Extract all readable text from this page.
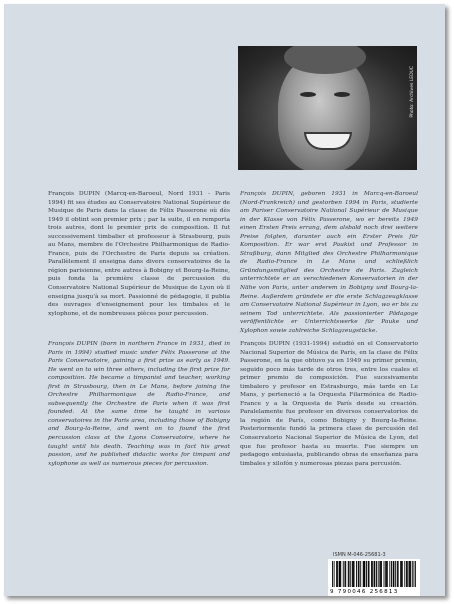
Photo: Archives LEDUC

François DUPIN (Marcq-en-Baroeul, Nord 1931 - Paris 1994) fit ses études au Conservatoire National Supérieur de Musique de Paris dans la classe de Félix Passerone où dès 1949 il obtint son premier prix ; par la suite, il en remporta trois autres, dont le premier prix de composition. Il fut successivement timbalier et professeur à Strasbourg, puis au Mans, membre de l'Orchestre Philharmonique de Radio-France, puis de l'Orchestre de Paris depuis sa création. Parallèlement il enseigna dans divers conservatoires de la région parisienne, entre autres à Bobigny et Bourg-la-Reine, puis fonda la première classe de percussion du Conservatoire National Supérieur de Musique de Lyon où il enseigna jusqu'à sa mort. Passionné de pédagogie, il publia des ouvrages d'enseignement pour les timbales et le xylophone, et de nombreuses pièces pour percussion.

François DUPIN, geboren 1931 in Marcq-en-Baroeul (Nord-Frankreich) und gestorben 1994 in Paris, studierte am Pariser Conservatoire National Supérieur de Musique in der Klasse von Félix Passerone, wo er bereits 1949 einen Ersten Preis errang, dem alsbald noch drei weitere Preise folgten, darunter auch ein Erster Preis für Komposition. Er war erst Paukist und Professor in Straßburg, dann Mitglied des Orchestre Philharmonique de Radio-France in Le Mans und schließlich Gründungsmitglied des Orchestre de Paris. Zugleich unterrichtete er an verschiedenen Konservatorien in der Nähe von Paris, unter anderem in Bobigny und Bourg-la-Reine. Außerdem gründete er die erste Schlagzeugklasse am Conservatoire National Supérieur in Lyon, wo er bis zu seinem Tod unterrichtete. Als passionierter Pädagoge veröffentlichte er Unterrichtswerke für Pauke und Xylophon sowie zahlreiche Schlagzeugstücke.

François DUPIN (born in northern France in 1931, died in Paris in 1994) studied music under Félix Passerone at the Paris Conservatoire, gaining a first prize as early as 1949. He went on to win three others, including the first prize for composition. He became a timpanist and teacher, working first in Strasbourg, then in Le Mans, before joining the Orchestre Philharmonique de Radio-France, and subsequently the Orchestre de Paris when it was first founded. At the same time he taught in various conservatoires in the Paris area, including those of Bobigny and Bourg-la-Reine, and went on to found the first percussion class at the Lyons Conservatoire, where he taught until his death. Teaching was in fact his great passion, and he published didactic works for timpani and xylophone as well as numerous pieces for percussion.

François DUPIN (1931-1994) estudió en el Conservatorio Nacional Superior de Música de París, en la clase de Félix Passerone, en la que obtuvo ya en 1949 su primer premio, seguido poco más tarde de otros tres, entre los cuales el primer premio de composición. Fue sucesivamente timbalero y profesor en Estrasburgo, más tarde en Le Mans, y perteneció a la Orquesta Filarmónica de Radio-France y a la Orquesta de París desde su creación. Paralelamente fue profesor en diversos conservatorios de la región de París, como Bobigny y Bourg-la-Reine. Posteriormente fundó la primera clase de percusión del Conservatorio Nacional Superior de Música de Lyon, del que fue profesor hasta su muerte. Fue siempre un pedagogo entusiasta, publicando obras de enseñanza para timbales y xilofón y numerosas piezas para percusión.

ISMN M-046-25681-3
9 790046 256813
